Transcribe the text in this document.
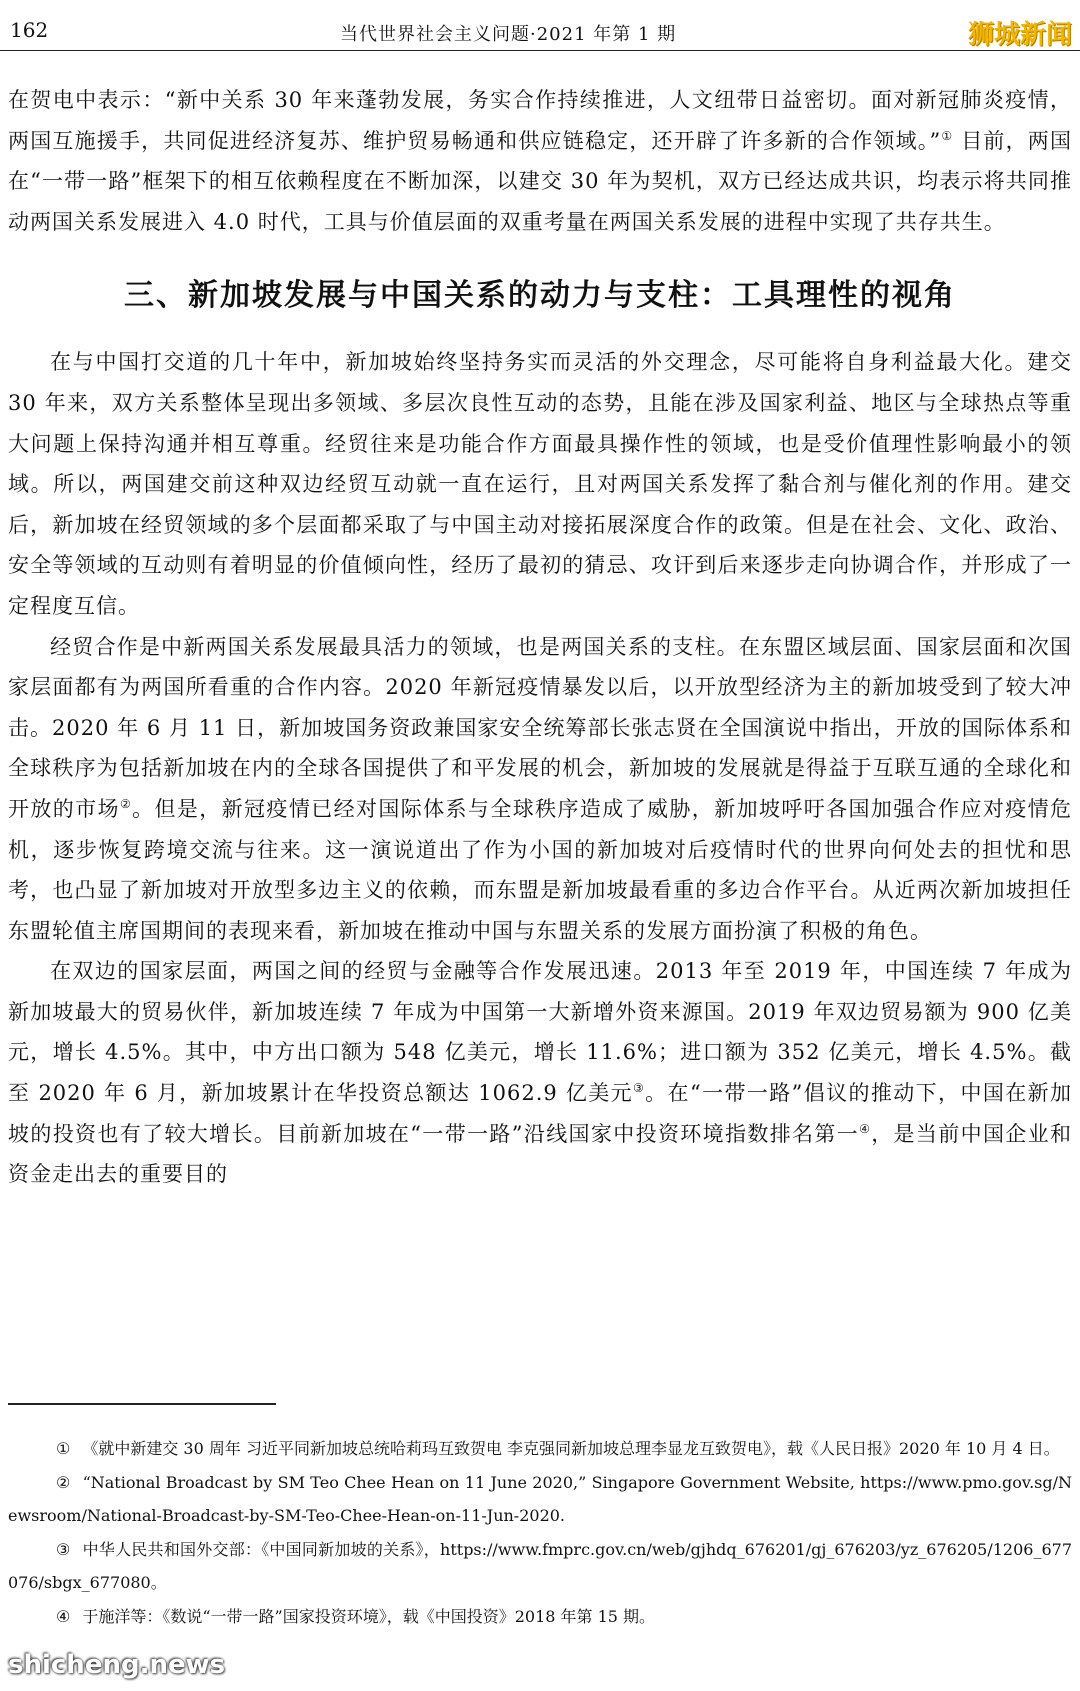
162	当代世界社会主义问题·2021 年第 1 期	狮城新闻

在贺电中表示：“新中关系 30 年来蓬勃发展，务实合作持续推进，人文纽带日益密切。面对新冠肺炎疫情，两国互施援手，共同促进经济复苏、维护贸易畅通和供应链稳定，还开辟了许多新的合作领域。”① 目前，两国在“一带一路”框架下的相互依赖程度在不断加深，以建交 30 年为契机，双方已经达成共识，均表示将共同推动两国关系发展进入 4.0 时代，工具与价值层面的双重考量在两国关系发展的进程中实现了共存共生。

三、新加坡发展与中国关系的动力与支柱：工具理性的视角

在与中国打交道的几十年中，新加坡始终坚持务实而灵活的外交理念，尽可能将自身利益最大化。建交 30 年来，双方关系整体呈现出多领域、多层次良性互动的态势，且能在涉及国家利益、地区与全球热点等重大问题上保持沟通并相互尊重。经贸往来是功能合作方面最具操作性的领域，也是受价值理性影响最小的领域。所以，两国建交前这种双边经贸互动就一直在运行，且对两国关系发挥了黏合剂与催化剂的作用。建交后，新加坡在经贸领域的多个层面都采取了与中国主动对接拓展深度合作的政策。但是在社会、文化、政治、安全等领域的互动则有着明显的价值倾向性，经历了最初的猜忌、攻讦到后来逐步走向协调合作，并形成了一定程度互信。

经贸合作是中新两国关系发展最具活力的领域，也是两国关系的支柱。在东盟区域层面、国家层面和次国家层面都有为两国所看重的合作内容。2020 年新冠疫情暴发以后，以开放型经济为主的新加坡受到了较大冲击。2020 年 6 月 11 日，新加坡国务资政兼国家安全统筹部长张志贤在全国演说中指出，开放的国际体系和全球秩序为包括新加坡在内的全球各国提供了和平发展的机会，新加坡的发展就是得益于互联互通的全球化和开放的市场②。但是，新冠疫情已经对国际体系与全球秩序造成了威胁，新加坡呼吁各国加强合作应对疫情危机，逐步恢复跨境交流与往来。这一演说道出了作为小国的新加坡对后疫情时代的世界向何处去的担忧和思考，也凸显了新加坡对开放型多边主义的依赖，而东盟是新加坡最看重的多边合作平台。从近两次新加坡担任东盟轮值主席国期间的表现来看，新加坡在推动中国与东盟关系的发展方面扮演了积极的角色。

在双边的国家层面，两国之间的经贸与金融等合作发展迅速。2013 年至 2019 年，中国连续 7 年成为新加坡最大的贸易伙伴，新加坡连续 7 年成为中国第一大新增外资来源国。2019 年双边贸易额为 900 亿美元，增长 4.5%。其中，中方出口额为 548 亿美元，增长 11.6%；进口额为 352 亿美元，增长 4.5%。截至 2020 年 6 月，新加坡累计在华投资总额达 1062.9 亿美元③。在“一带一路”倡议的推动下，中国在新加坡的投资也有了较大增长。目前新加坡在“一带一路”沿线国家中投资环境指数排名第一④，是当前中国企业和资金走出去的重要目的

① 《就中新建交 30 周年 习近平同新加坡总统哈莉玛互致贺电 李克强同新加坡总理李显龙互致贺电》，载《人民日报》2020 年 10 月 4 日。

② “National Broadcast by SM Teo Chee Hean on 11 June 2020,” Singapore Government Website, https://www.pmo.gov.sg/Newsroom/National-Broadcast-by-SM-Teo-Chee-Hean-on-11-Jun-2020.

③ 中华人民共和国外交部：《中国同新加坡的关系》，https://www.fmprc.gov.cn/web/gjhdq_676201/gj_676203/yz_676205/1206_677076/sbgx_677080。

④ 于施洋等：《数说“一带一路”国家投资环境》，载《中国投资》2018 年第 15 期。

shicheng.news
